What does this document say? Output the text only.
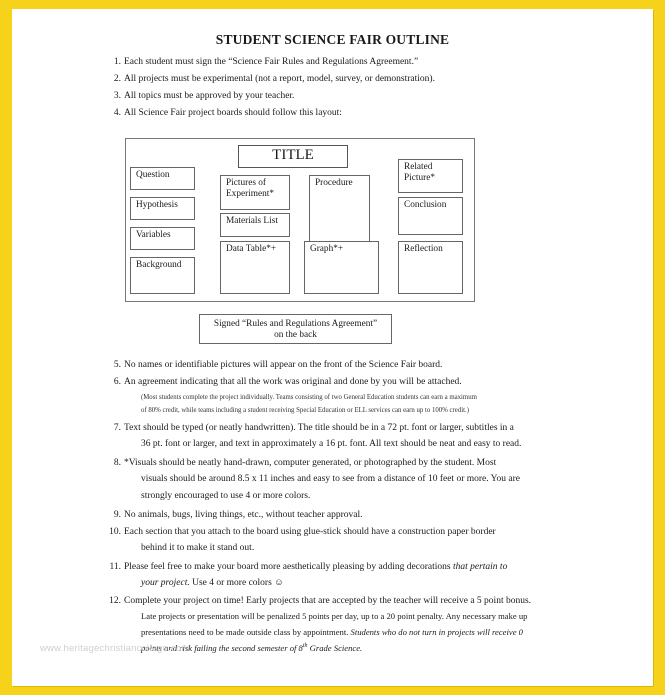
STUDENT SCIENCE FAIR OUTLINE
1. Each student must sign the “Science Fair Rules and Regulations Agreement.”
2. All projects must be experimental (not a report, model, survey, or demonstration).
3. All topics must be approved by your teacher.
4. All Science Fair project boards should follow this layout:
TITLE
Question
Hypothesis
Variables
Background
Pictures of Experiment*
Materials List
Data Table*+
Procedure
Graph*+
Related Picture*
Conclusion
Reflection
Signed “Rules and Regulations Agreement”
on the back
5. No names or identifiable pictures will appear on the front of the Science Fair board.
6. An agreement indicating that all the work was original and done by you will be attached.
(Most students complete the project individually. Teams consisting of two General Education students can earn a maximum
of 80% credit, while teams including a student receiving Special Education or ELL services can earn up to 100% credit.)
7. Text should be typed (or neatly handwritten). The title should be in a 72 pt. font or larger, subtitles in a
36 pt. font or larger, and text in approximately a 16 pt. font. All text should be neat and easy to read.
8. *Visuals should be neatly hand-drawn, computer generated, or photographed by the student. Most
visuals should be around 8.5 x 11 inches and easy to see from a distance of 10 feet or more. You are
strongly encouraged to use 4 or more colors.
9. No animals, bugs, living things, etc., without teacher approval.
10. Each section that you attach to the board using glue-stick should have a construction paper border
behind it to make it stand out.
11. Please feel free to make your board more aesthetically pleasing by adding decorations that pertain to
your project. Use 4 or more colors ☺
12. Complete your project on time! Early projects that are accepted by the teacher will receive a 5 point bonus.
Late projects or presentation will be penalized 5 points per day, up to a 20 point penalty. Any necessary make up
presentations need to be made outside class by appointment. Students who do not turn in projects will receive 0
points and risk failing the second semester of 8th Grade Science.
www.heritagechristiancollege.com
